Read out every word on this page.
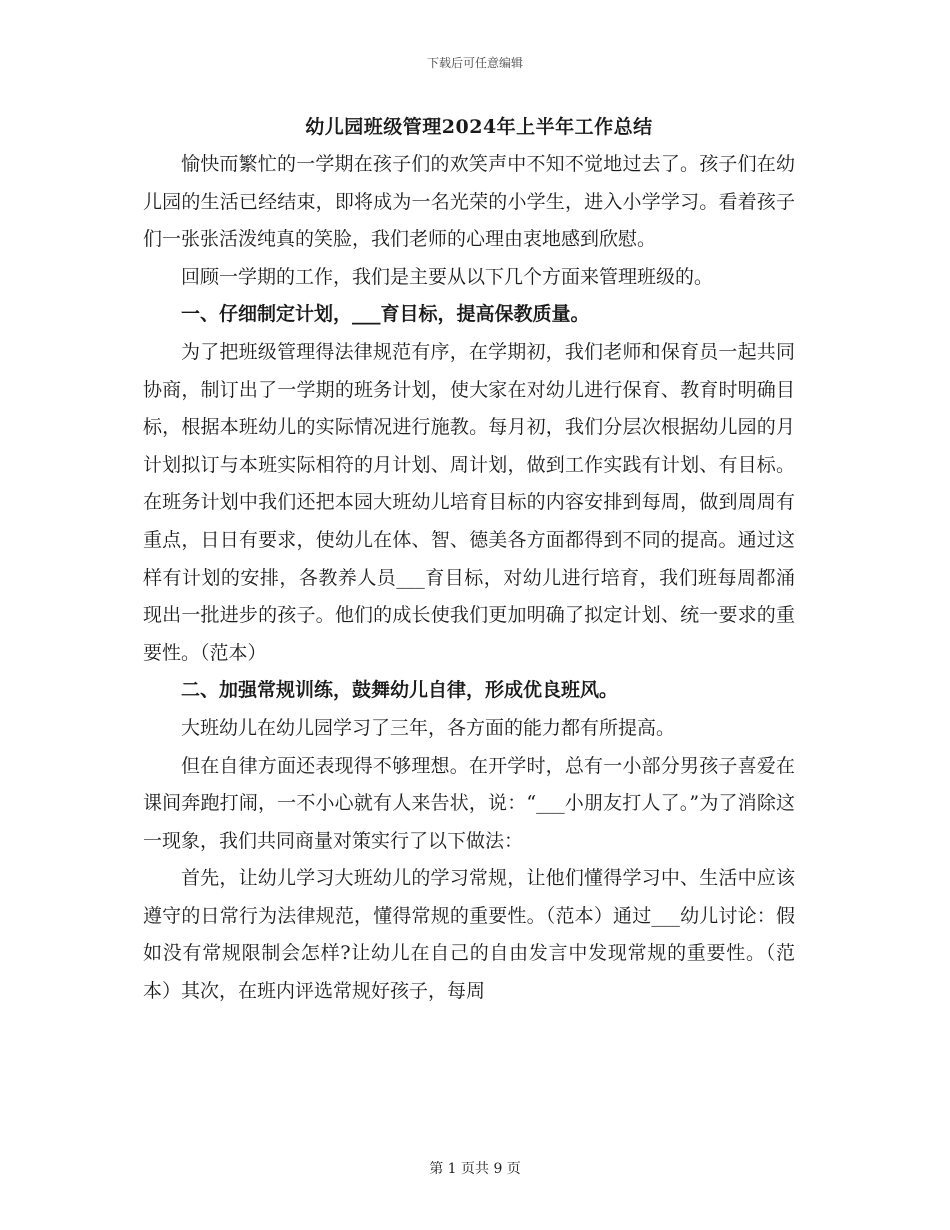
下载后可任意编辑
幼儿园班级管理2024年上半年工作总结

愉快而繁忙的一学期在孩子们的欢笑声中不知不觉地过去了。孩子们在幼儿园的生活已经结束，即将成为一名光荣的小学生，进入小学学习。看着孩子们一张张活泼纯真的笑脸，我们老师的心理由衷地感到欣慰。

回顾一学期的工作，我们是主要从以下几个方面来管理班级的。

一、仔细制定计划，___育目标，提高保教质量。

为了把班级管理得法律规范有序，在学期初，我们老师和保育员一起共同协商，制订出了一学期的班务计划，使大家在对幼儿进行保育、教育时明确目标，根据本班幼儿的实际情况进行施教。每月初，我们分层次根据幼儿园的月计划拟订与本班实际相符的月计划、周计划，做到工作实践有计划、有目标。在班务计划中我们还把本园大班幼儿培育目标的内容安排到每周，做到周周有重点，日日有要求，使幼儿在体、智、德美各方面都得到不同的提高。通过这样有计划的安排，各教养人员___育目标，对幼儿进行培育，我们班每周都涌现出一批进步的孩子。他们的成长使我们更加明确了拟定计划、统一要求的重要性。（范本）

二、加强常规训练，鼓舞幼儿自律，形成优良班风。

大班幼儿在幼儿园学习了三年，各方面的能力都有所提高。

但在自律方面还表现得不够理想。在开学时，总有一小部分男孩子喜爱在课间奔跑打闹，一不小心就有人来告状，说：“___小朋友打人了。”为了消除这一现象，我们共同商量对策实行了以下做法：

首先，让幼儿学习大班幼儿的学习常规，让他们懂得学习中、生活中应该遵守的日常行为法律规范，懂得常规的重要性。（范本）通过___幼儿讨论：假如没有常规限制会怎样?让幼儿在自己的自由发言中发现常规的重要性。（范本）其次，在班内评选常规好孩子，每周

第 1 页共 9 页
